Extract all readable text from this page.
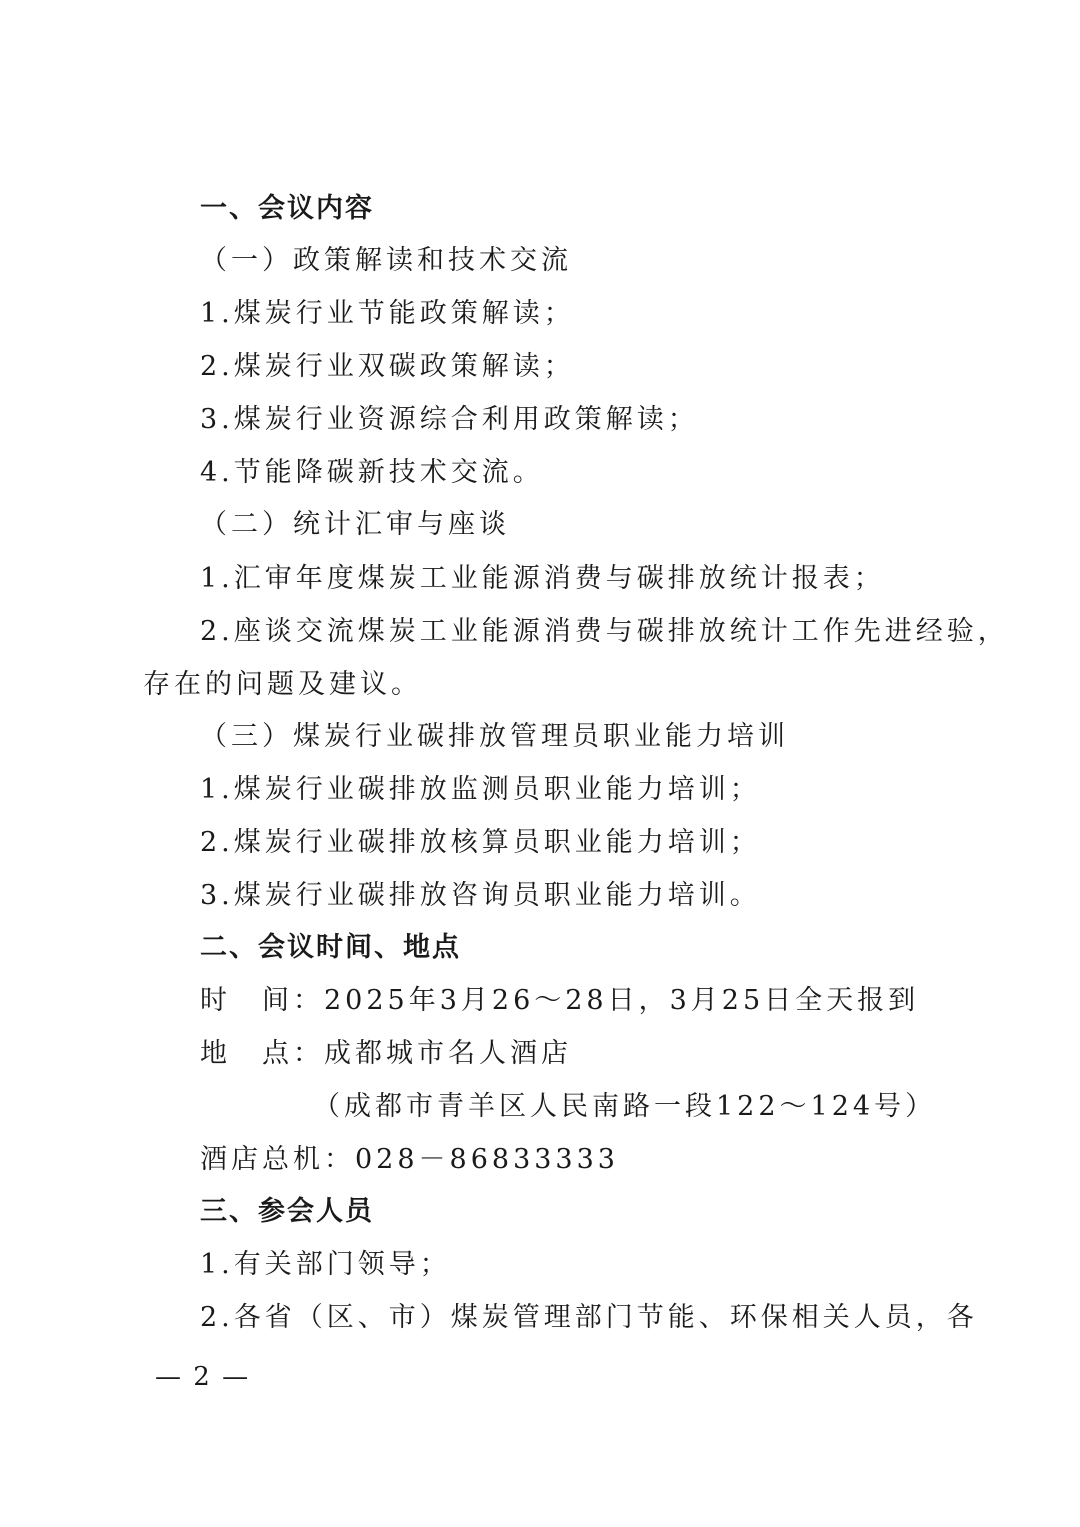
一、会议内容
（一）政策解读和技术交流
1.煤炭行业节能政策解读；
2.煤炭行业双碳政策解读；
3.煤炭行业资源综合利用政策解读；
4.节能降碳新技术交流。
（二）统计汇审与座谈
1.汇审年度煤炭工业能源消费与碳排放统计报表；
2.座谈交流煤炭工业能源消费与碳排放统计工作先进经验，
存在的问题及建议。
（三）煤炭行业碳排放管理员职业能力培训
1.煤炭行业碳排放监测员职业能力培训；
2.煤炭行业碳排放核算员职业能力培训；
3.煤炭行业碳排放咨询员职业能力培训。
二、会议时间、地点
时　间：2025年3月26～28日，3月25日全天报到
地　点：成都城市名人酒店
（成都市青羊区人民南路一段122～124号）
酒店总机：028－86833333
三、参会人员
1.有关部门领导；
2.各省（区、市）煤炭管理部门节能、环保相关人员，各
— 2 —
